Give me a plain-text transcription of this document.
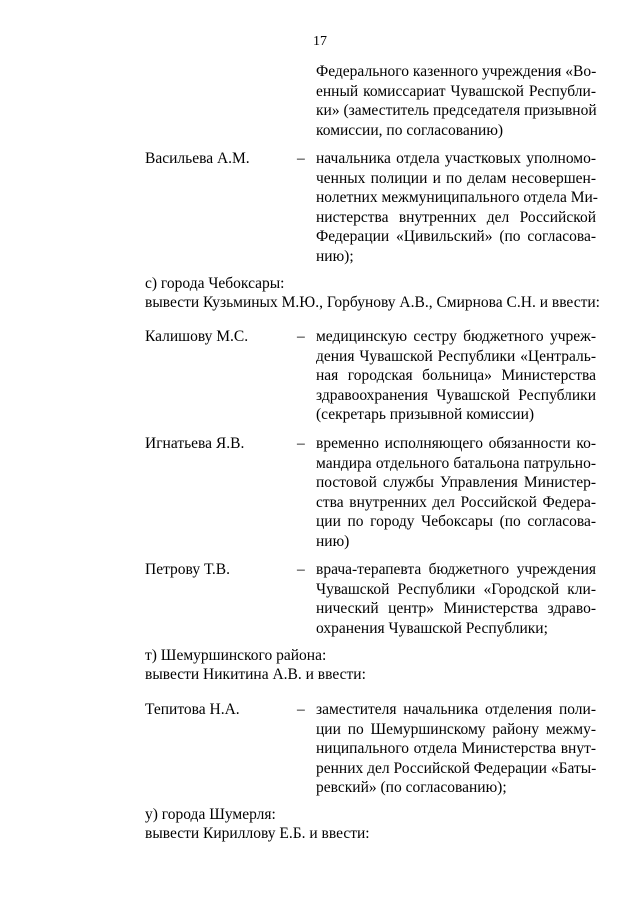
17
Федерального казенного учреждения «Во-
енный комиссариат Чувашской Республи-
ки» (заместитель председателя призывной
комиссии, по согласованию)
Васильева А.М.	– начальника отдела участковых уполномо-
ченных полиции и по делам несовершен-
нолетних межмуниципального отдела Ми-
нистерства внутренних дел Российской
Федерации «Цивильский» (по согласова-
нию);
с) города Чебоксары:
вывести Кузьминых М.Ю., Горбунову А.В., Смирнова С.Н. и ввести:
Калишову М.С.	– медицинскую сестру бюджетного учреж-
дения Чувашской Республики «Централь-
ная городская больница» Министерства
здравоохранения Чувашской Республики
(секретарь призывной комиссии)
Игнатьева Я.В.	– временно исполняющего обязанности ко-
мандира отдельного батальона патрульно-
постовой службы Управления Министер-
ства внутренних дел Российской Федера-
ции по городу Чебоксары (по согласова-
нию)
Петрову Т.В.	– врача-терапевта бюджетного учреждения
Чувашской Республики «Городской кли-
нический центр» Министерства здраво-
охранения Чувашской Республики;
т) Шемуршинского района:
вывести Никитина А.В. и ввести:
Тепитова Н.А.	– заместителя начальника отделения поли-
ции по Шемуршинскому району межму-
ниципального отдела Министерства внут-
ренних дел Российской Федерации «Баты-
ревский» (по согласованию);
у) города Шумерля:
вывести Кириллову Е.Б. и ввести:
